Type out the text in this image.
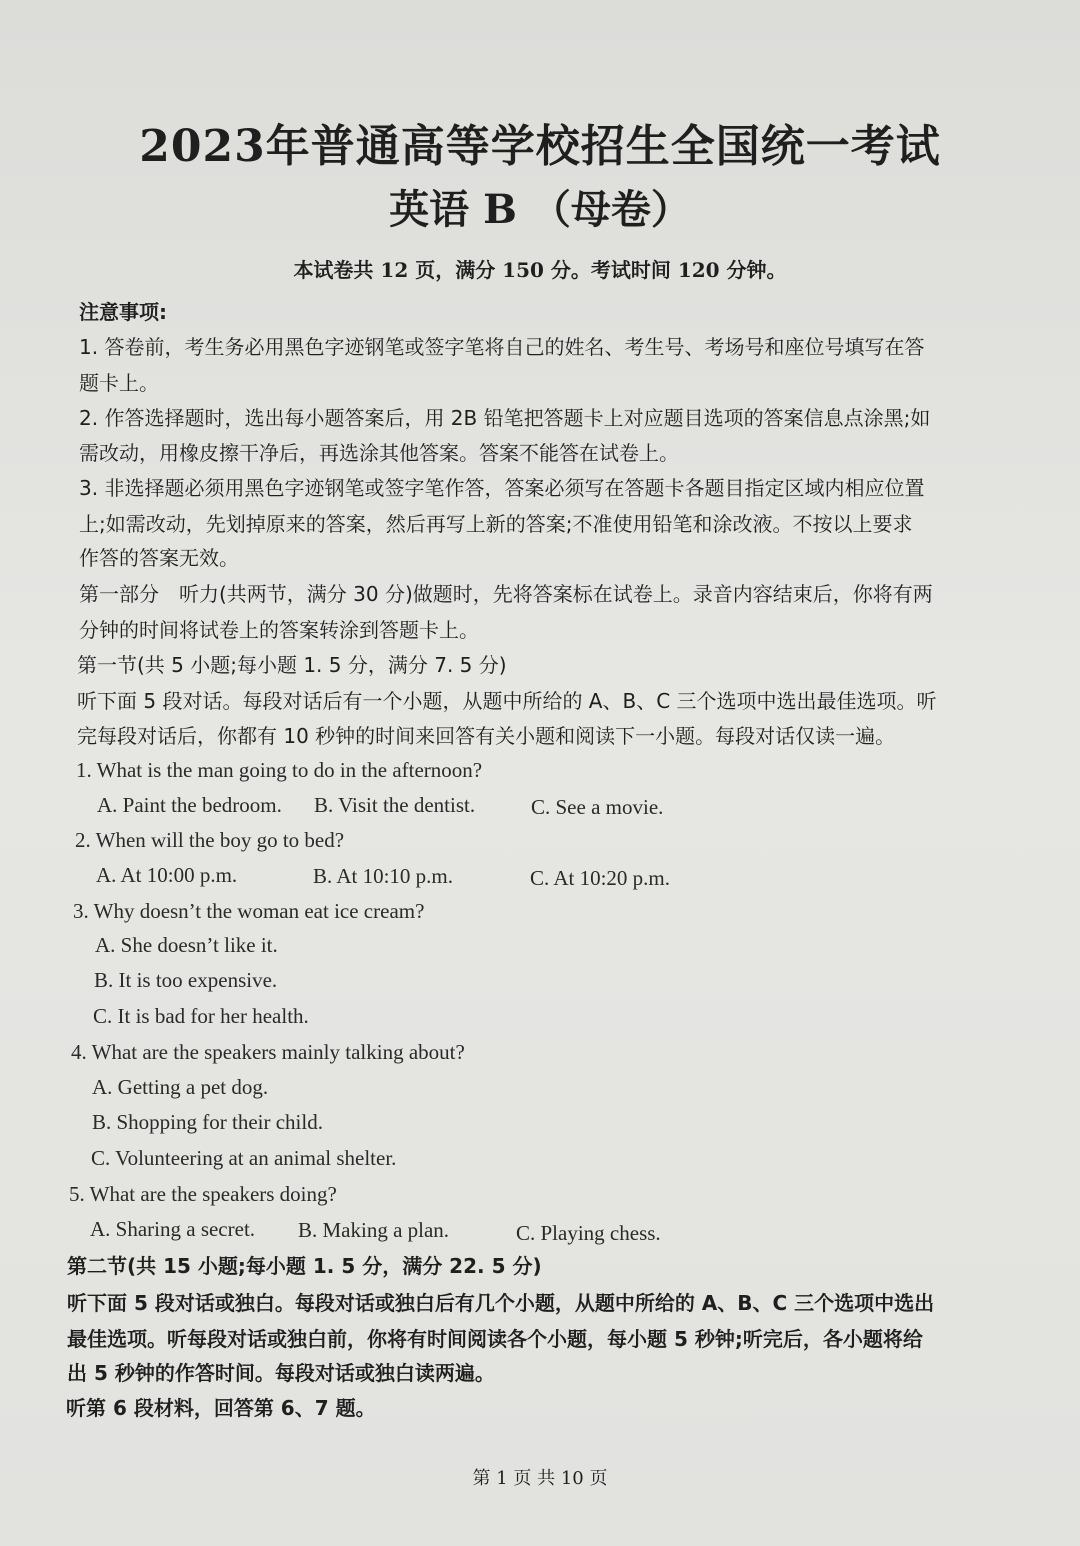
2023年普通高等学校招生全国统一考试
英语 B （母卷）
本试卷共 12 页，满分 150 分。考试时间 120 分钟。
注意事项:
1. 答卷前，考生务必用黑色字迹钢笔或签字笔将自己的姓名、考生号、考场号和座位号填写在答
题卡上。
2. 作答选择题时，选出每小题答案后，用 2B 铅笔把答题卡上对应题目选项的答案信息点涂黑;如
需改动，用橡皮擦干净后，再选涂其他答案。答案不能答在试卷上。
3. 非选择题必须用黑色字迹钢笔或签字笔作答，答案必须写在答题卡各题目指定区域内相应位置
上;如需改动，先划掉原来的答案，然后再写上新的答案;不准使用铅笔和涂改液。不按以上要求
作答的答案无效。
第一部分　听力(共两节，满分 30 分)做题时，先将答案标在试卷上。录音内容结束后，你将有两
分钟的时间将试卷上的答案转涂到答题卡上。
第一节(共 5 小题;每小题 1. 5 分，满分 7. 5 分)
听下面 5 段对话。每段对话后有一个小题，从题中所给的 A、B、C 三个选项中选出最佳选项。听
完每段对话后，你都有 10 秒钟的时间来回答有关小题和阅读下一小题。每段对话仅读一遍。
1. What is the man going to do in the afternoon?
A. Paint the bedroom. B. Visit the dentist.	C. See a movie.
2. When will the boy go to bed?
A. At 10:00 p.m.	B. At 10:10 p.m.	C. At 10:20 p.m.
3. Why doesn’t the woman eat ice cream?
A. She doesn’t like it.
B. It is too expensive.
C. It is bad for her health.
4. What are the speakers mainly talking about?
A. Getting a pet dog.
B. Shopping for their child.
C. Volunteering at an animal shelter.
5. What are the speakers doing?
A. Sharing a secret. B. Making a plan.	C. Playing chess.
第二节(共 15 小题;每小题 1. 5 分，满分 22. 5 分)
听下面 5 段对话或独白。每段对话或独白后有几个小题，从题中所给的 A、B、C 三个选项中选出
最佳选项。听每段对话或独白前，你将有时间阅读各个小题，每小题 5 秒钟;听完后，各小题将给
出 5 秒钟的作答时间。每段对话或独白读两遍。
听第 6 段材料，回答第 6、7 题。
第 1 页 共 10 页
